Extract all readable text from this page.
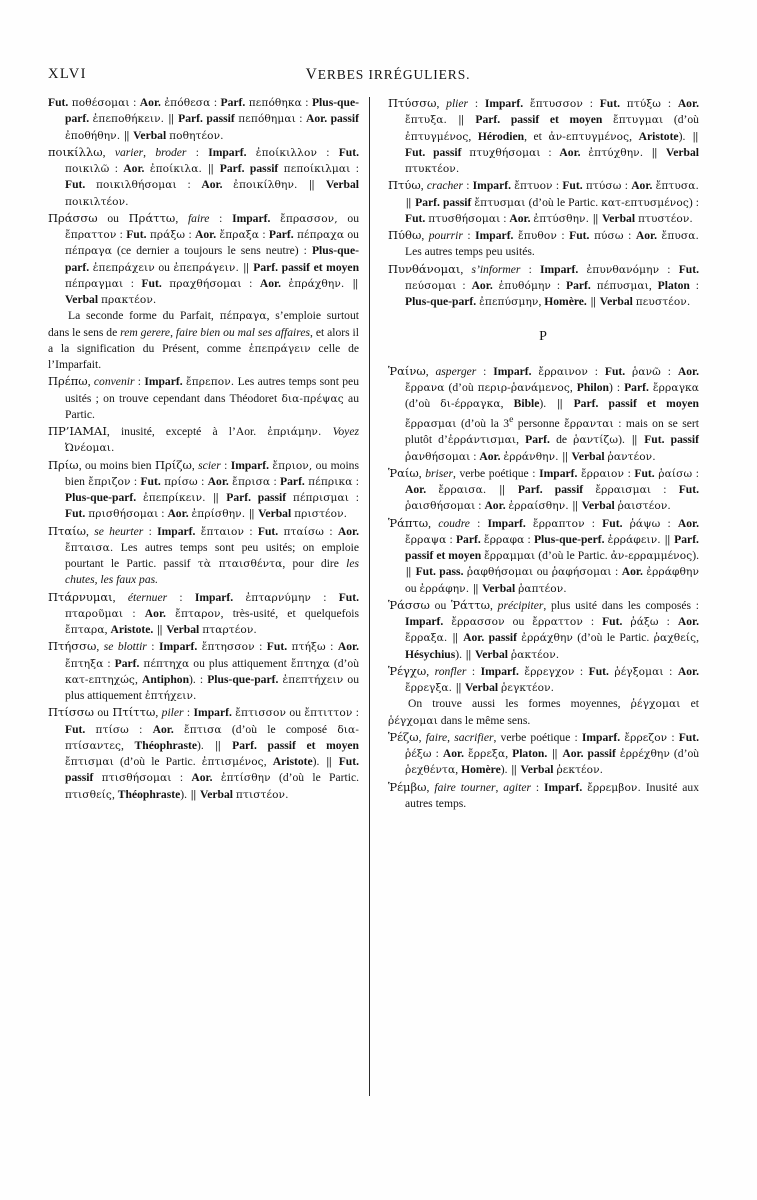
XLVI	VERBES IRRÉGULIERS.

Fut. ποθέσομαι : Aor. ἐπόθεσα : Parf. πεπόθηκα : Plus-que-parf. ἐπεποθήκειν. || Parf. passif πεπόθημαι : Aor. passif ἐποθήθην. || Verbal ποθητέον.

ποικίλλω, varier, broder : Imparf. ἐποίκιλλον : Fut. ποικιλῶ : Aor. ἐποίκιλα. || Parf. passif πεποίκιλμαι : Fut. ποικιλθήσομαι : Aor. ἐποικίλθην. || Verbal ποικιλτέον.

Πράσσω ou Πράττω, faire : Imparf. ἔπρασσον, ou ἔπραττον : Fut. πράξω : Aor. ἔπραξα : Parf. πέπραχα ou πέπραγα (ce dernier a toujours le sens neutre) : Plus-que-parf. ἐπεπράχειν ou ἐπεπράγειν. || Parf. passif et moyen πέπραγμαι : Fut. πραχθήσομαι : Aor. ἐπράχθην. || Verbal πρακτέον.

La seconde forme du Parfait, πέπραγα, s’emploie surtout dans le sens de rem gerere, faire bien ou mal ses affaires, et alors il a la signification du Présent, comme ἐπεπράγειν celle de l’Imparfait.

Πρέπω, convenir : Imparf. ἔπρεπον. Les autres temps sont peu usités ; on trouve cependant dans Théodoret δια-πρέψας au Partic.

ΠΡ’ΙΑΜΑΙ, inusité, excepté à l’Aor. ἐπριάμην. Voyez Ὠνέομαι.

Πρίω, ou moins bien Πρίζω, scier : Imparf. ἔπριον, ou moins bien ἔπριζον : Fut. πρίσω : Aor. ἔπρισα : Parf. πέπρικα : Plus-que-parf. ἐπεπρίκειν. || Parf. passif πέπρισμαι : Fut. πρισθήσομαι : Aor. ἐπρίσθην. || Verbal πριστέον.

Πταίω, se heurter : Imparf. ἔπταιον : Fut. πταίσω : Aor. ἔπταισα. Les autres temps sont peu usités; on emploie pourtant le Partic. passif τὰ πταισθέντα, pour dire les chutes, les faux pas.

Πτάρνυμαι, éternuer : Imparf. ἐπταρνύμην : Fut. πταροῦμαι : Aor. ἔπταρον, très-usité, et quelquefois ἔπταρα, Aristote. || Verbal πταρτέον.

Πτήσσω, se blottir : Imparf. ἔπτησσον : Fut. πτήξω : Aor. ἔπτηξα : Parf. πέπτηχα ou plus attiquement ἔπτηχα (d’où κατ-επτηχώς, Antiphon). : Plus-que-parf. ἐπεπτήχειν ou plus attiquement ἐπτήχειν.

Πτίσσω ou Πτίττω, piler : Imparf. ἔπτισσον ou ἔπτιττον : Fut. πτίσω : Aor. ἔπτισα (d’où le composé δια-πτίσαντες, Théophraste). || Parf. passif et moyen ἔπτισμαι (d’où le Partic. ἐπτισμένος, Aristote). || Fut. passif πτισθήσομαι : Aor. ἐπτίσθην (d’où le Partic. πτισθείς, Théophraste). || Verbal πτιστέον.

Πτύσσω, plier : Imparf. ἔπτυσσον : Fut. πτύξω : Aor. ἔπτυξα. || Parf. passif et moyen ἔπτυγμαι (d’où ἐπτυγμένος, Hérodien, et ἀν-επτυγμένος, Aristote). || Fut. passif πτυχθήσομαι : Aor. ἐπτύχθην. || Verbal πτυκτέον.

Πτύω, cracher : Imparf. ἔπτυον : Fut. πτύσω : Aor. ἔπτυσα. || Parf. passif ἔπτυσμαι (d’où le Partic. κατ-επτυσμένος) : Fut. πτυσθήσομαι : Aor. ἐπτύσθην. || Verbal πτυστέον.

Πύθω, pourrir : Imparf. ἔπυθον : Fut. πύσω : Aor. ἔπυσα. Les autres temps peu usités.

Πυνθάνομαι, s’informer : Imparf. ἐπυνθανόμην : Fut. πεύσομαι : Aor. ἐπυθόμην : Parf. πέπυσμαι, Platon : Plus-que-parf. ἐπεπύσμην, Homère. || Verbal πευστέον.

Ρ

Ῥαίνω, asperger : Imparf. ἔρραινον : Fut. ῥανῶ : Aor. ἔρρανα (d’où περιρ-ῥανάμενος, Philon) : Parf. ἔρραγκα (d’où δι-έρραγκα, Bible). || Parf. passif et moyen ἔρρασμαι (d’où la 3e personne ἔρρανται : mais on se sert plutôt d’ἐρράντισμαι, Parf. de ῥαντίζω). || Fut. passif ῥανθήσομαι : Aor. ἐρράνθην. || Verbal ῥαντέον.

Ῥαίω, briser, verbe poétique : Imparf. ἔρραιον : Fut. ῥαίσω : Aor. ἔρραισα. || Parf. passif ἔρραισμαι : Fut. ῥαισθήσομαι : Aor. ἐρραίσθην. || Verbal ῥαιστέον.

Ῥάπτω, coudre : Imparf. ἔρραπτον : Fut. ῥάψω : Aor. ἔρραψα : Parf. ἔρραφα : Plus-que-perf. ἐρράφειν. || Parf. passif et moyen ἔρραμμαι (d’où le Partic. ἀν-ερραμμένος). || Fut. pass. ῥαφθήσομαι ou ῥαφήσομαι : Aor. ἐρράφθην ou ἐρράφην. || Verbal ῥαπτέον.

Ῥάσσω ou Ῥάττω, précipiter, plus usité dans les composés : Imparf. ἔρρασσον ou ἔρραττον : Fut. ῥάξω : Aor. ἔρραξα. || Aor. passif ἐρράχθην (d’où le Partic. ῥαχθείς, Hésychius). || Verbal ῥακτέον.

Ῥέγχω, ronfler : Imparf. ἔρρεγχον : Fut. ῥέγξομαι : Aor. ἔρρεγξα. || Verbal ῥεγκτέον.

On trouve aussi les formes moyennes, ῥέγχομαι et ῥέγχομαι dans le même sens.

Ῥέζω, faire, sacrifier, verbe poétique : Imparf. ἔρρεζον : Fut. ῥέξω : Aor. ἔρρεξα, Platon. || Aor. passif ἐρρέχθην (d’où ῥεχθέντα, Homère). || Verbal ῥεκτέον.

Ῥέμβω, faire tourner, agiter : Imparf. ἔρρεμβον. Inusité aux autres temps.
